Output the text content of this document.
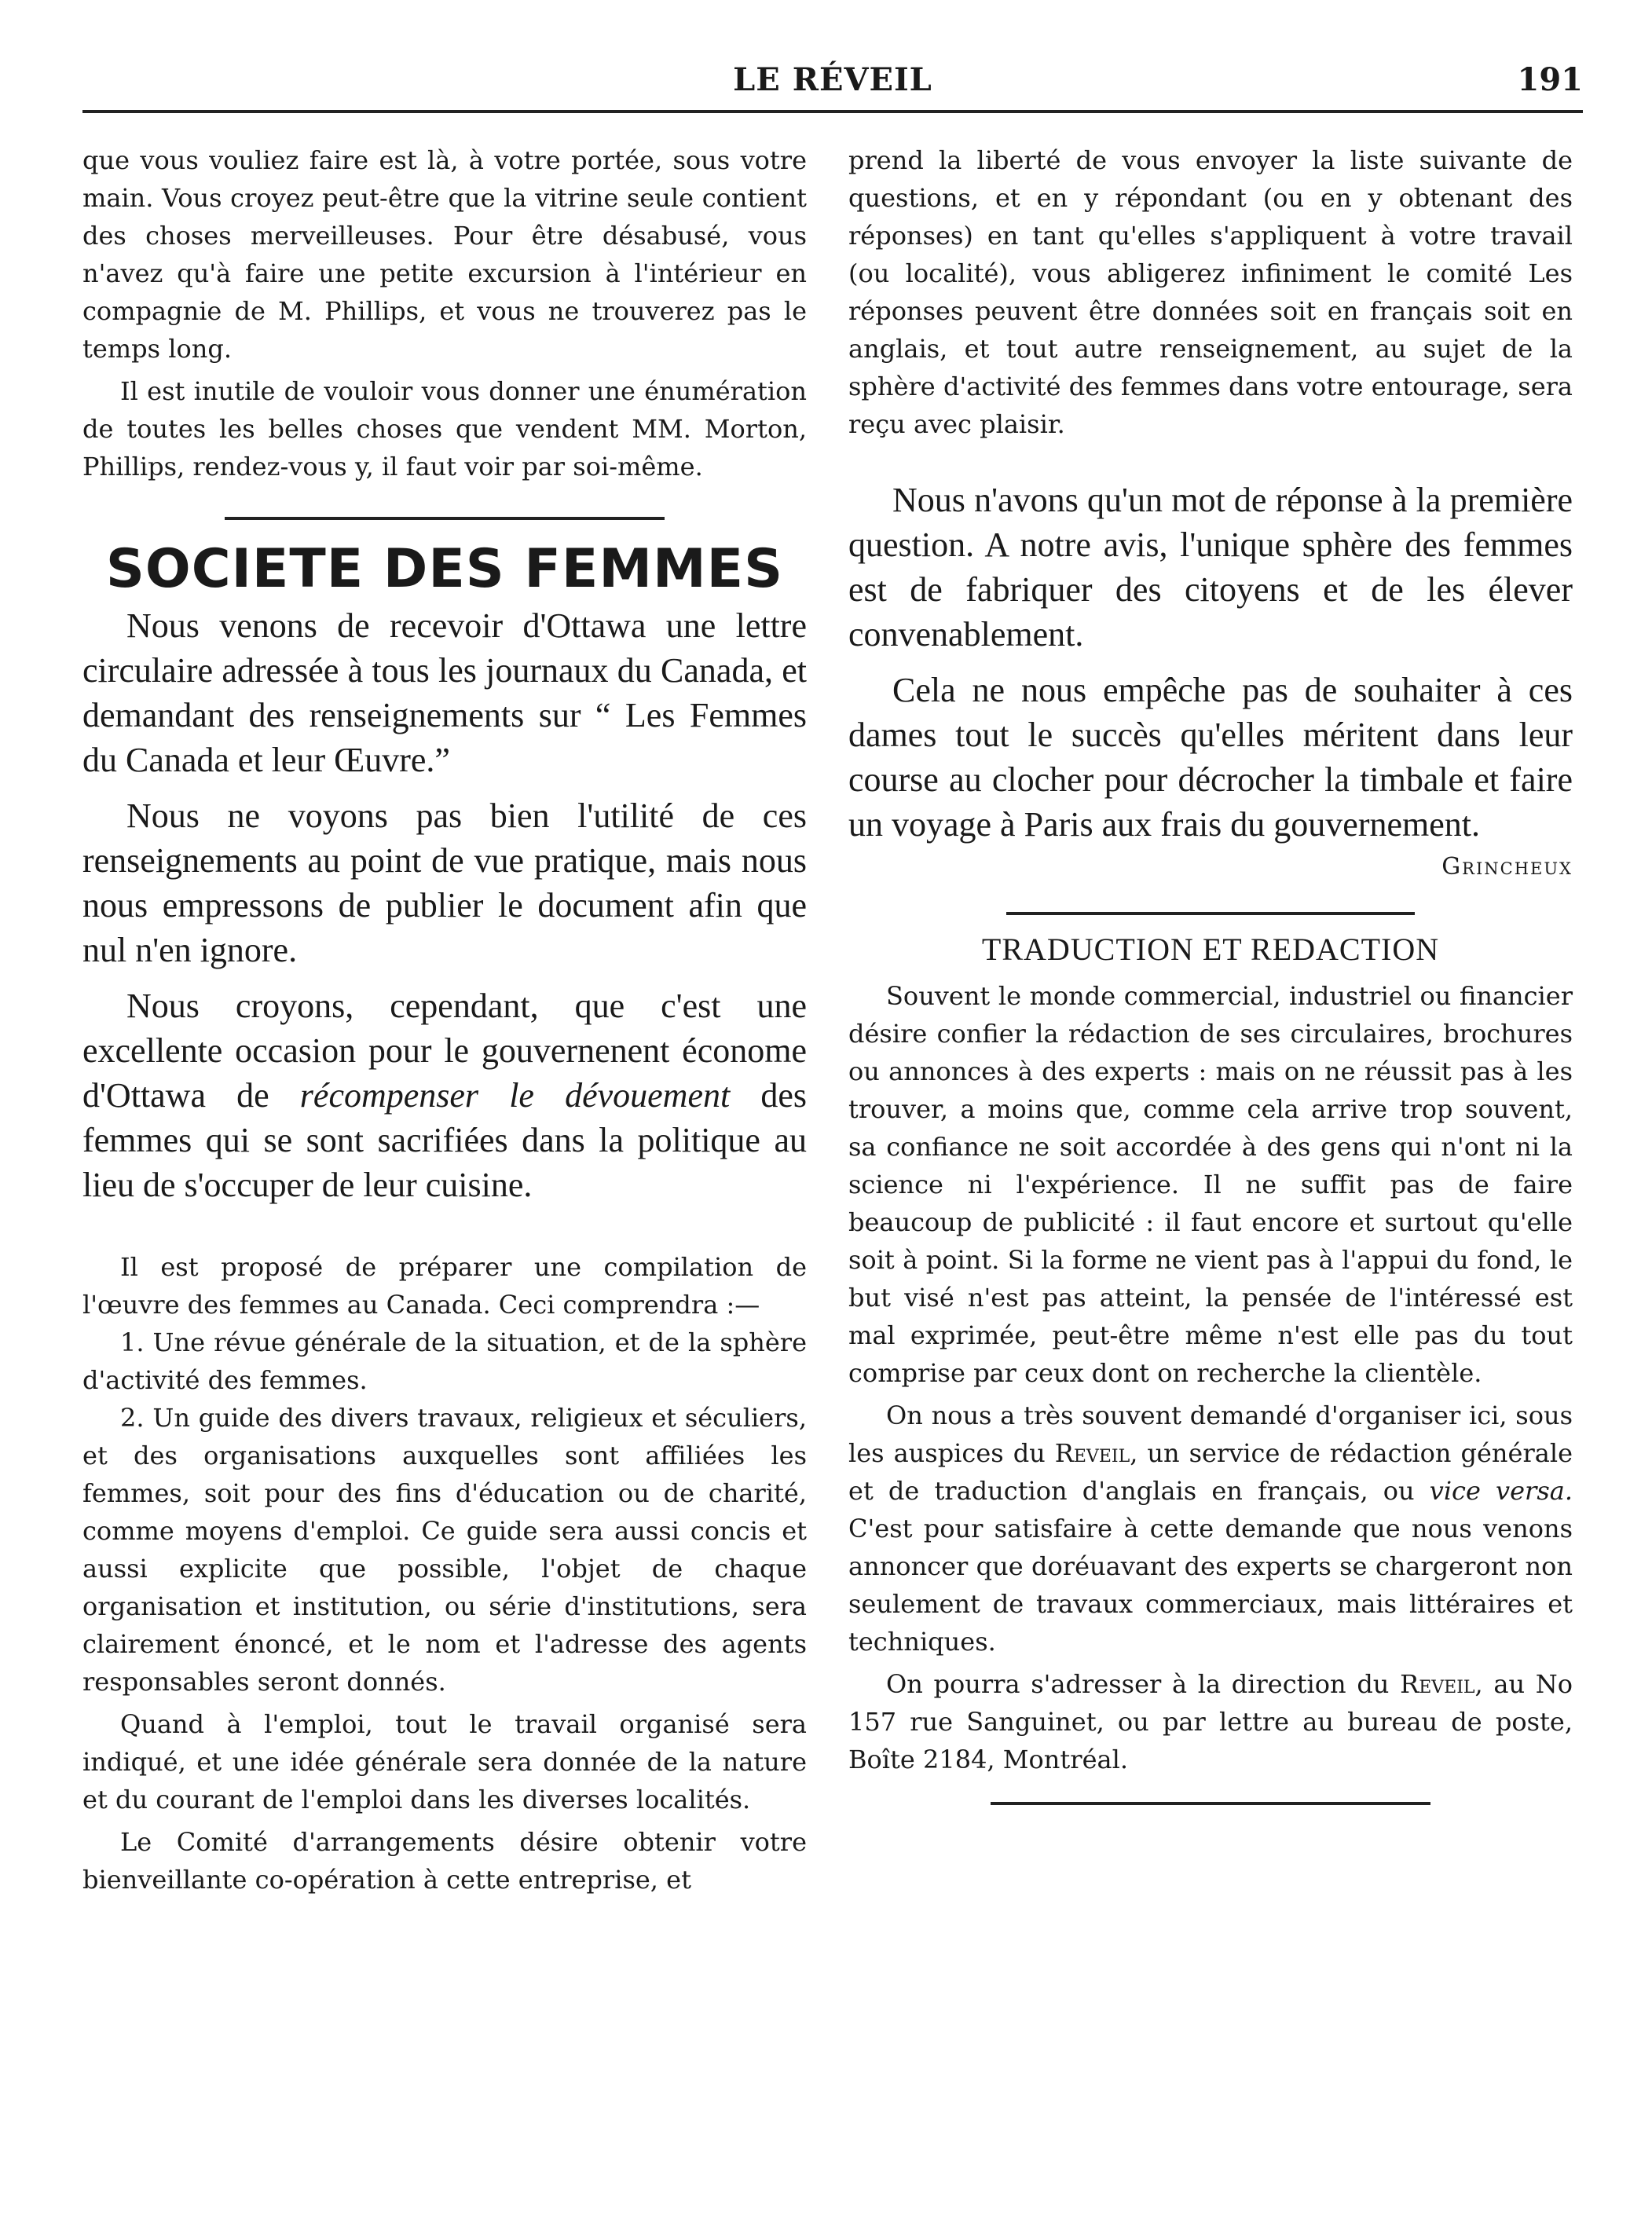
LE RÉVEIL	191

que vous vouliez faire est là, à votre portée, sous votre main. Vous croyez peut-être que la vitrine seule contient des choses merveilleuses. Pour être désabusé, vous n'avez qu'à faire une petite excursion à l'intérieur en compagnie de M. Phillips, et vous ne trouverez pas le temps long.

Il est inutile de vouloir vous donner une énumération de toutes les belles choses que vendent MM. Morton, Phillips, rendez-vous y, il faut voir par soi-même.

SOCIETE DES FEMMES

Nous venons de recevoir d'Ottawa une lettre circulaire adressée à tous les journaux du Canada, et demandant des renseignements sur “ Les Femmes du Canada et leur Œuvre.”

Nous ne voyons pas bien l'utilité de ces renseignements au point de vue pratique, mais nous nous empressons de publier le document afin que nul n'en ignore.

Nous croyons, cependant, que c'est une excellente occasion pour le gouvernenent économe d'Ottawa de récompenser le dévouement des femmes qui se sont sacrifiées dans la politique au lieu de s'occuper de leur cuisine.

Il est proposé de préparer une compilation de l'œuvre des femmes au Canada. Ceci comprendra :—

1. Une révue générale de la situation, et de la sphère d'activité des femmes.

2. Un guide des divers travaux, religieux et séculiers, et des organisations auxquelles sont affiliées les femmes, soit pour des fins d'éducation ou de charité, comme moyens d'emploi. Ce guide sera aussi concis et aussi explicite que possible, l'objet de chaque organisation et institution, ou série d'institutions, sera clairement énoncé, et le nom et l'adresse des agents responsables seront donnés.

Quand à l'emploi, tout le travail organisé sera indiqué, et une idée générale sera donnée de la nature et du courant de l'emploi dans les diverses localités.

Le Comité d'arrangements désire obtenir votre bienveillante co-opération à cette entreprise, et

prend la liberté de vous envoyer la liste suivante de questions, et en y répondant (ou en y obtenant des réponses) en tant qu'elles s'appliquent à votre travail (ou localité), vous abligerez infiniment le comité Les réponses peuvent être données soit en français soit en anglais, et tout autre renseignement, au sujet de la sphère d'activité des femmes dans votre entourage, sera reçu avec plaisir.

Nous n'avons qu'un mot de réponse à la première question. A notre avis, l'unique sphère des femmes est de fabriquer des citoyens et de les élever convenablement.

Cela ne nous empêche pas de souhaiter à ces dames tout le succès qu'elles méritent dans leur course au clocher pour décrocher la timbale et faire un voyage à Paris aux frais du gouvernement.

Grincheux
TRADUCTION ET REDACTION

Souvent le monde commercial, industriel ou financier désire confier la rédaction de ses circulaires, brochures ou annonces à des experts : mais on ne réussit pas à les trouver, a moins que, comme cela arrive trop souvent, sa confiance ne soit accordée à des gens qui n'ont ni la science ni l'expérience. Il ne suffit pas de faire beaucoup de publicité : il faut encore et surtout qu'elle soit à point. Si la forme ne vient pas à l'appui du fond, le but visé n'est pas atteint, la pensée de l'intéressé est mal exprimée, peut-être même n'est elle pas du tout comprise par ceux dont on recherche la clientèle.

On nous a très souvent demandé d'organiser ici, sous les auspices du Reveil, un service de rédaction générale et de traduction d'anglais en français, ou vice versa. C'est pour satisfaire à cette demande que nous venons annoncer que doréuavant des experts se chargeront non seulement de travaux commerciaux, mais littéraires et techniques.

On pourra s'adresser à la direction du Reveil, au No 157 rue Sanguinet, ou par lettre au bureau de poste, Boîte 2184, Montréal.
